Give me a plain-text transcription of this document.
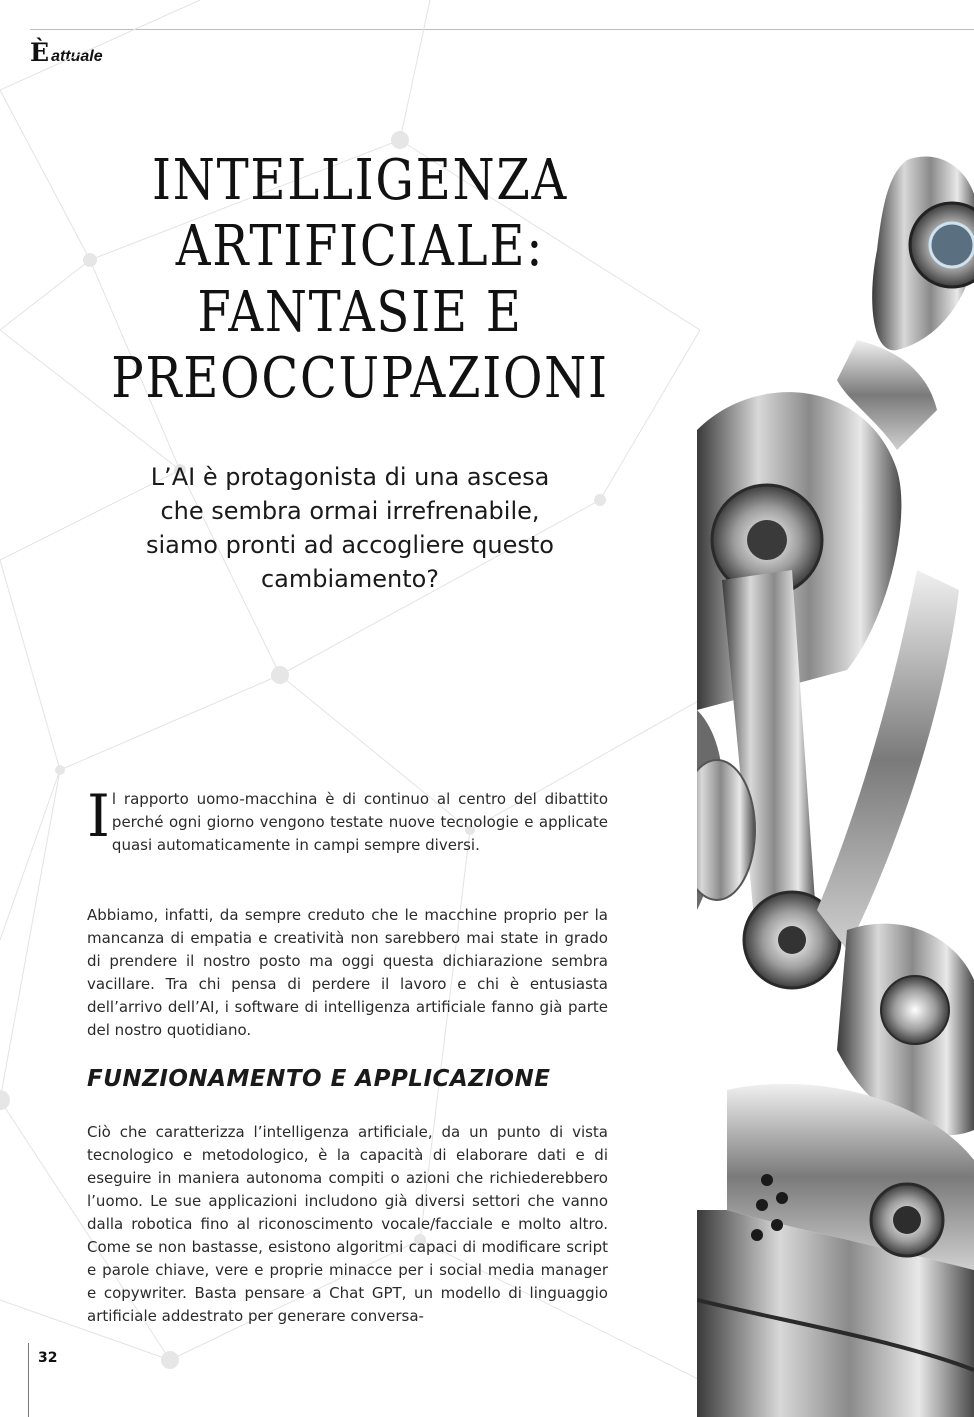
È attuale
INTELLIGENZA
ARTIFICIALE:
FANTASIE E
PREOCCUPAZIONI

L’AI è protagonista di una ascesa
che sembra ormai irrefrenabile,
siamo pronti ad accogliere questo
cambiamento?

Il rapporto uomo-macchina è di continuo al centro del dibattito perché ogni giorno vengono testate nuove tecnologie e applicate quasi automaticamente in campi sempre diversi.

Abbiamo, infatti, da sempre creduto che le macchine proprio per la mancanza di empatia e creatività non sarebbero mai state in grado di prendere il nostro posto ma oggi questa dichiarazione sembra vacillare. Tra chi pensa di perdere il lavoro e chi è entusiasta dell’arrivo dell’AI, i software di intelligenza artificiale fanno già parte del nostro quotidiano.

FUNZIONAMENTO E APPLICAZIONE

Ciò che caratterizza l’intelligenza artificiale, da un punto di vista tecnologico e metodologico, è la capacità di elaborare dati e di eseguire in maniera autonoma compiti o azioni che richiederebbero l’uomo. Le sue applicazioni includono già diversi settori che vanno dalla robotica fino al riconoscimento vocale/facciale e molto altro. Come se non bastasse, esistono algoritmi capaci di modificare script e parole chiave, vere e proprie minacce per i social media manager e copywriter. Basta pensare a Chat GPT, un modello di linguaggio artificiale addestrato per generare conversa-

32
